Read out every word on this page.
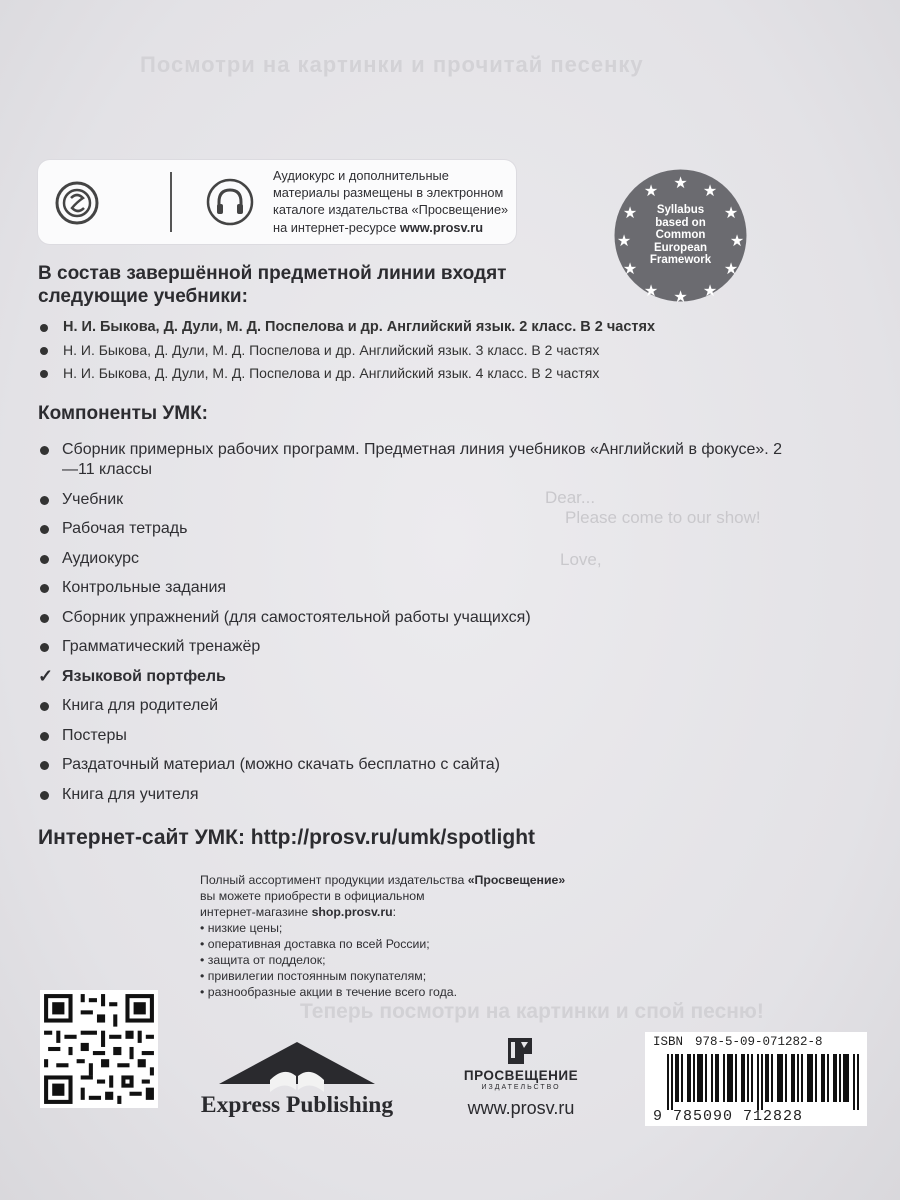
Посмотри на картинки и прочитай песенку
Dear...
Please come to our show!
Love,
Теперь посмотри на картинки и спой песню!
Аудиокурс и дополнительные материалы размещены в электронном каталоге издательства «Просвещение» на интернет-ресурсе www.prosv.ru
★ ★
★
★
★
★
★
★
★
★
★
★
Syllabus
based on
Common
European
Framework
В состав завершённой предметной линии входят следующие учебники:
Н. И. Быкова, Д. Дули, М. Д. Поспелова и др. Английский язык. 2 класс. В 2 частях
Н. И. Быкова, Д. Дули, М. Д. Поспелова и др. Английский язык. 3 класс. В 2 частях
Н. И. Быкова, Д. Дули, М. Д. Поспелова и др. Английский язык. 4 класс. В 2 частях
Компоненты УМК:
Сборник примерных рабочих программ. Предметная линия учебников «Английский в фокусе». 2—11 классы
Учебник
Рабочая тетрадь
Аудиокурс
Контрольные задания
Сборник упражнений (для самостоятельной работы учащихся)
Грамматический тренажёр
✓ Языковой портфель
Книга для родителей
Постеры
Раздаточный материал (можно скачать бесплатно с сайта)
Книга для учителя
Интернет-сайт УМК: http://prosv.ru/umk/spotlight
Полный ассортимент продукции издательства «Просвещение»
вы можете приобрести в официальном
интернет-магазине shop.prosv.ru:
• низкие цены;
• оперативная доставка по всей России;
• защита от подделок;
• привилегии постоянным покупателям;
• разнообразные акции в течение всего года.
Express Publishing
ПРОСВЕЩЕНИЕ
ИЗДАТЕЛЬСТВО
www.prosv.ru
ISBN 978-5-09-071282-8
9 785090 712828
